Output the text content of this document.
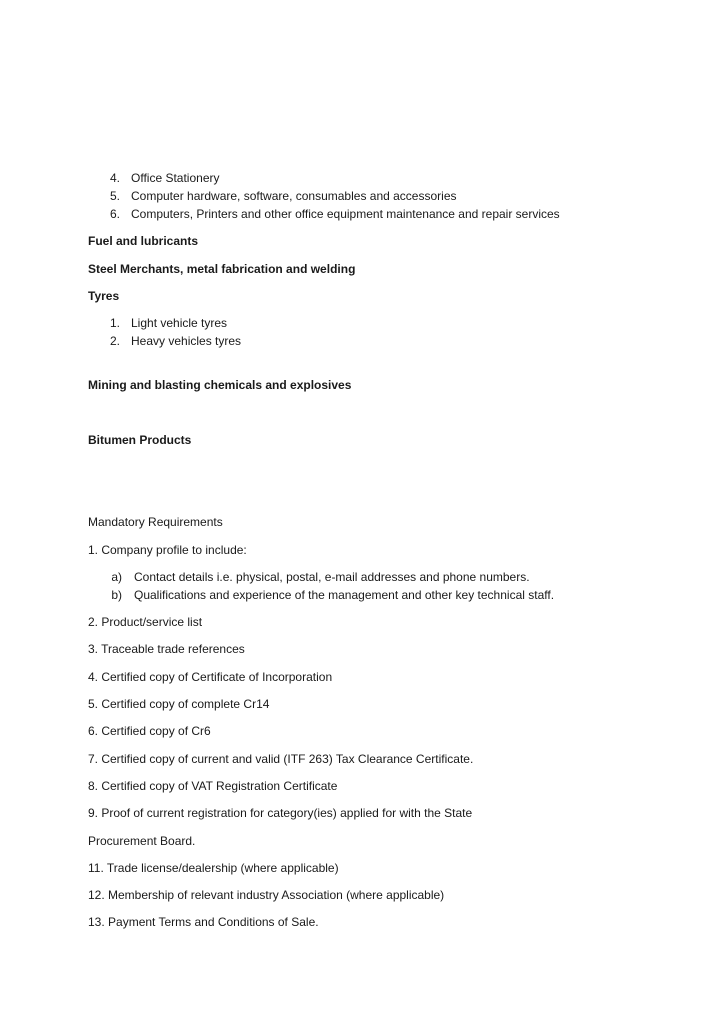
4. Office Stationery
5. Computer hardware, software, consumables and accessories
6. Computers, Printers and other office equipment maintenance and repair services
Fuel and lubricants
Steel Merchants, metal fabrication and welding
Tyres
1. Light vehicle tyres
2. Heavy vehicles tyres
Mining and blasting chemicals and explosives
Bitumen Products
Mandatory Requirements
1. Company profile to include:
a) Contact details i.e. physical, postal, e-mail addresses and phone numbers.
b) Qualifications and experience of the management and other key technical staff.
2. Product/service list
3. Traceable trade references
4. Certified copy of Certificate of Incorporation
5. Certified copy of complete Cr14
6. Certified copy of Cr6
7. Certified copy of current and valid (ITF 263) Tax Clearance Certificate.
8. Certified copy of VAT Registration Certificate
9. Proof of current registration for category(ies) applied for with the State
Procurement Board.
11. Trade license/dealership (where applicable)
12. Membership of relevant industry Association (where applicable)
13. Payment Terms and Conditions of Sale.
